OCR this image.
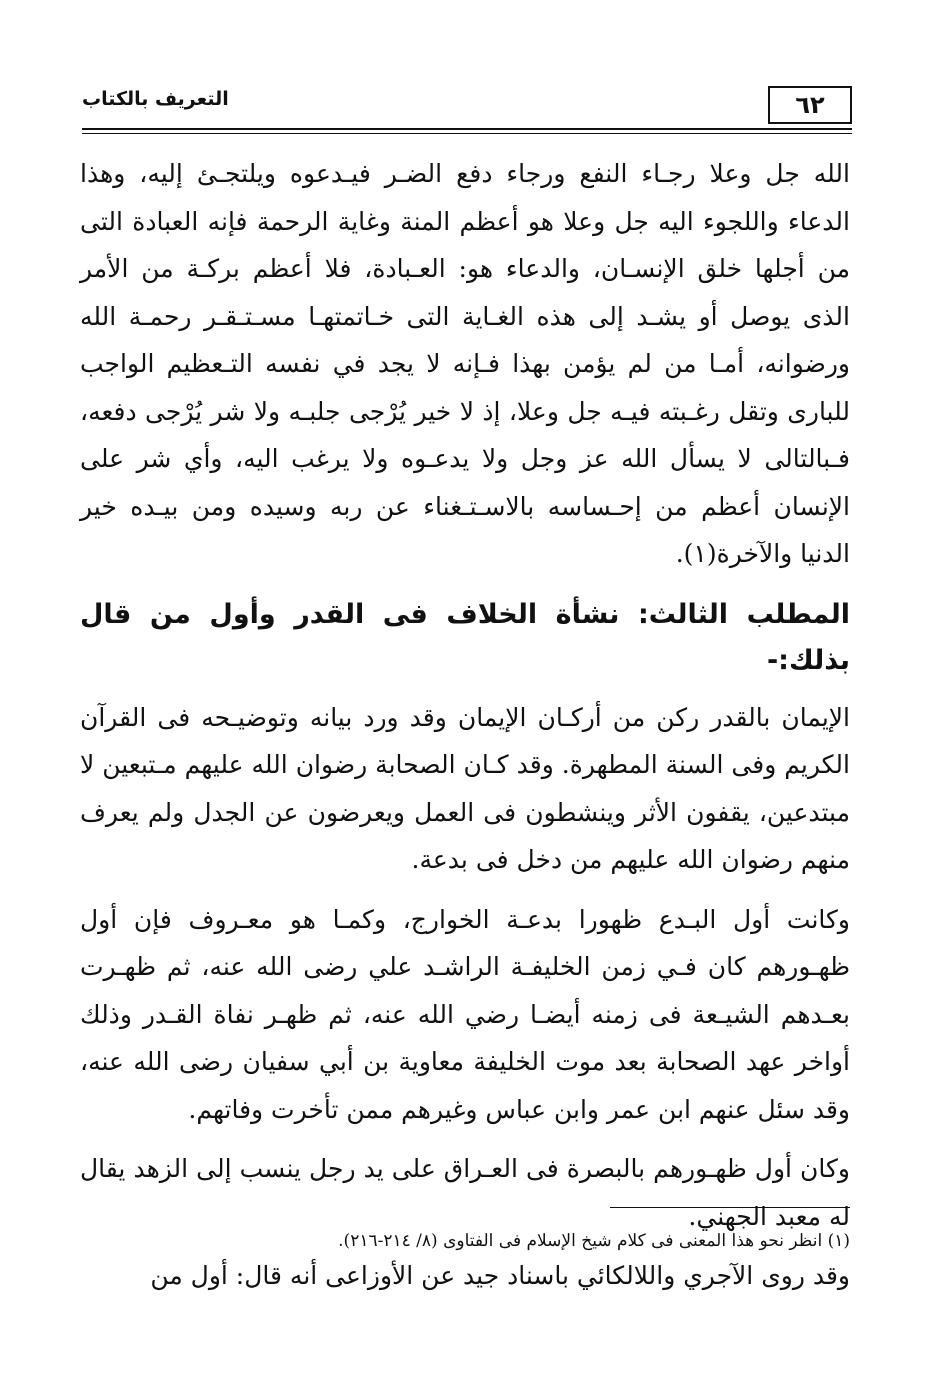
٦٢
التعريف بالكتاب

الله جل وعلا رجـاء النفع ورجاء دفع الضـر فيـدعوه ويلتجـئ إليه، وهذا الدعاء واللجوء اليه جل وعلا هو أعظم المنة وغاية الرحمة فإنه العبادة التى من أجلها خلق الإنسـان، والدعاء هو: العـبادة، فلا أعظم بركـة من الأمر الذى يوصل أو يشـد إلى هذه الغـاية التى خـاتمتهـا مسـتـقـر رحمـة الله ورضوانه، أمـا من لم يؤمن بهذا فـإنه لا يجد في نفسه التـعظيم الواجب للبارى وتقل رغـبته فيـه جل وعلا، إذ لا خير يُرْجى جلبـه ولا شر يُرْجى دفعه، فـبالتالى لا يسأل الله عز وجل ولا يدعـوه ولا يرغب اليه، وأي شر على الإنسان أعظم من إحـساسه بالاسـتـغناء عن ربه وسيده ومن بيـده خير الدنيا والآخرة(١).

المطلب الثالث: نشأة الخلاف فى القدر وأول من قال بذلك:-

الإيمان بالقدر ركن من أركـان الإيمان وقد ورد بيانه وتوضيـحه فى القرآن الكريم وفى السنة المطهرة. وقد كـان الصحابة رضوان الله عليهم مـتبعين لا مبتدعين، يقفون الأثر وينشطون فى العمل ويعرضون عن الجدل ولم يعرف منهم رضوان الله عليهم من دخل فى بدعة.

وكانت أول البـدع ظهورا بدعـة الخوارج، وكمـا هو معـروف فإن أول ظهـورهم كان فـي زمن الخليفـة الراشـد علي رضى الله عنه، ثم ظهـرت بعـدهم الشيـعة فى زمنه أيضـا رضي الله عنه، ثم ظهـر نفاة القـدر وذلك أواخر عهد الصحابة بعد موت الخليفة معاوية بن أبي سفيان رضى الله عنه، وقد سئل عنهم ابن عمر وابن عباس وغيرهم ممن تأخرت وفاتهم.

وكان أول ظهـورهم بالبصرة فى العـراق على يد رجل ينسب إلى الزهد يقال له معبد الجهني.

وقد روى الآجري واللالكائي باسناد جيد عن الأوزاعى أنه قال: أول من

(١) انظر نحو هذا المعنى فى كلام شيخ الإسلام فى الفتاوى (٨/ ٢١٤-٢١٦).
